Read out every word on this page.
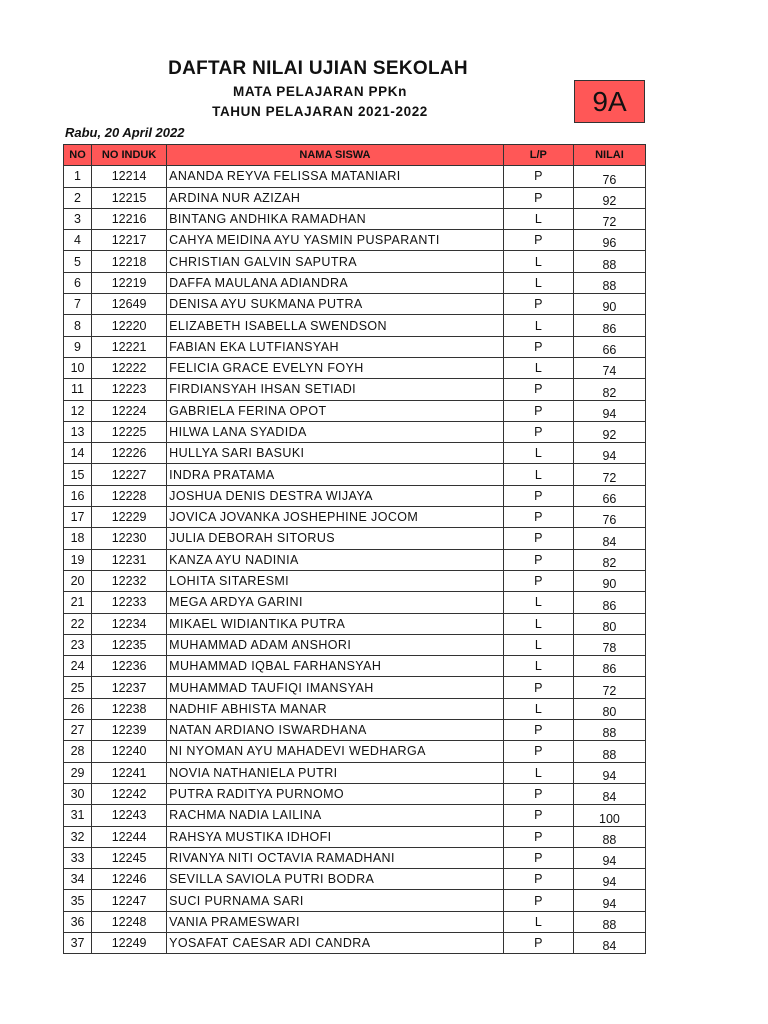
DAFTAR NILAI UJIAN SEKOLAH
MATA PELAJARAN PPKn
TAHUN PELAJARAN 2021-2022	9A
Rabu, 20 April 2022
NO	NO INDUK	NAMA SISWA	L/P	NILAI
1	12214	ANANDA REYVA FELISSA MATANIARI	P	76
2	12215	ARDINA NUR AZIZAH	P	92
3	12216	BINTANG ANDHIKA RAMADHAN	L	72
4	12217	CAHYA MEIDINA AYU YASMIN PUSPARANTI	P	96
5	12218	CHRISTIAN GALVIN SAPUTRA	L	88
6	12219	DAFFA MAULANA ADIANDRA	L	88
7	12649	DENISA AYU SUKMANA PUTRA	P	90
8	12220	ELIZABETH ISABELLA SWENDSON	L	86
9	12221	FABIAN EKA LUTFIANSYAH	P	66
10	12222	FELICIA GRACE EVELYN FOYH	L	74
11	12223	FIRDIANSYAH IHSAN SETIADI	P	82
12	12224	GABRIELA FERINA OPOT	P	94
13	12225	HILWA LANA SYADIDA	P	92
14	12226	HULLYA SARI BASUKI	L	94
15	12227	INDRA PRATAMA	L	72
16	12228	JOSHUA DENIS DESTRA WIJAYA	P	66
17	12229	JOVICA JOVANKA JOSHEPHINE JOCOM	P	76
18	12230	JULIA DEBORAH SITORUS	P	84
19	12231	KANZA AYU NADINIA	P	82
20	12232	LOHITA SITARESMI	P	90
21	12233	MEGA ARDYA GARINI	L	86
22	12234	MIKAEL WIDIANTIKA PUTRA	L	80
23	12235	MUHAMMAD ADAM ANSHORI	L	78
24	12236	MUHAMMAD IQBAL FARHANSYAH	L	86
25	12237	MUHAMMAD TAUFIQI IMANSYAH	P	72
26	12238	NADHIF ABHISTA MANAR	L	80
27	12239	NATAN ARDIANO ISWARDHANA	P	88
28	12240	NI NYOMAN AYU MAHADEVI WEDHARGA	P	88
29	12241	NOVIA NATHANIELA PUTRI	L	94
30	12242	PUTRA RADITYA PURNOMO	P	84
31	12243	RACHMA NADIA LAILINA	P	100
32	12244	RAHSYA MUSTIKA IDHOFI	P	88
33	12245	RIVANYA NITI OCTAVIA RAMADHANI	P	94
34	12246	SEVILLA SAVIOLA PUTRI BODRA	P	94
35	12247	SUCI PURNAMA SARI	P	94
36	12248	VANIA PRAMESWARI	L	88
37	12249	YOSAFAT CAESAR ADI CANDRA	P	84
